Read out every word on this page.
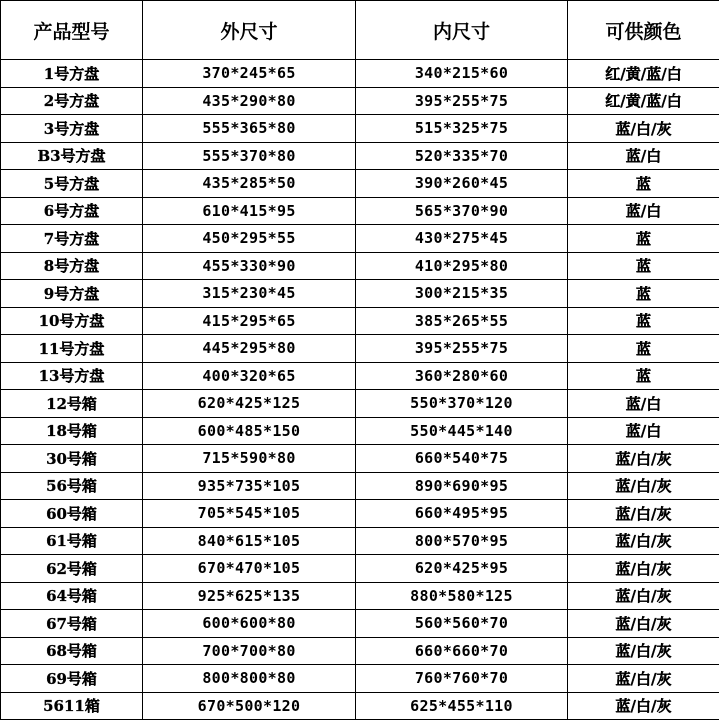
产品型号	外尺寸	内尺寸	可供颜色
1号方盘	370*245*65	340*215*60	红/黄/蓝/白
2号方盘	435*290*80	395*255*75	红/黄/蓝/白
3号方盘	555*365*80	515*325*75	蓝/白/灰
B3号方盘	555*370*80	520*335*70	蓝/白
5号方盘	435*285*50	390*260*45	蓝
6号方盘	610*415*95	565*370*90	蓝/白
7号方盘	450*295*55	430*275*45	蓝
8号方盘	455*330*90	410*295*80	蓝
9号方盘	315*230*45	300*215*35	蓝
10号方盘	415*295*65	385*265*55	蓝
11号方盘	445*295*80	395*255*75	蓝
13号方盘	400*320*65	360*280*60	蓝
12号箱	620*425*125	550*370*120	蓝/白
18号箱	600*485*150	550*445*140	蓝/白
30号箱	715*590*80	660*540*75	蓝/白/灰
56号箱	935*735*105	890*690*95	蓝/白/灰
60号箱	705*545*105	660*495*95	蓝/白/灰
61号箱	840*615*105	800*570*95	蓝/白/灰
62号箱	670*470*105	620*425*95	蓝/白/灰
64号箱	925*625*135	880*580*125	蓝/白/灰
67号箱	600*600*80	560*560*70	蓝/白/灰
68号箱	700*700*80	660*660*70	蓝/白/灰
69号箱	800*800*80	760*760*70	蓝/白/灰
5611箱	670*500*120	625*455*110	蓝/白/灰
